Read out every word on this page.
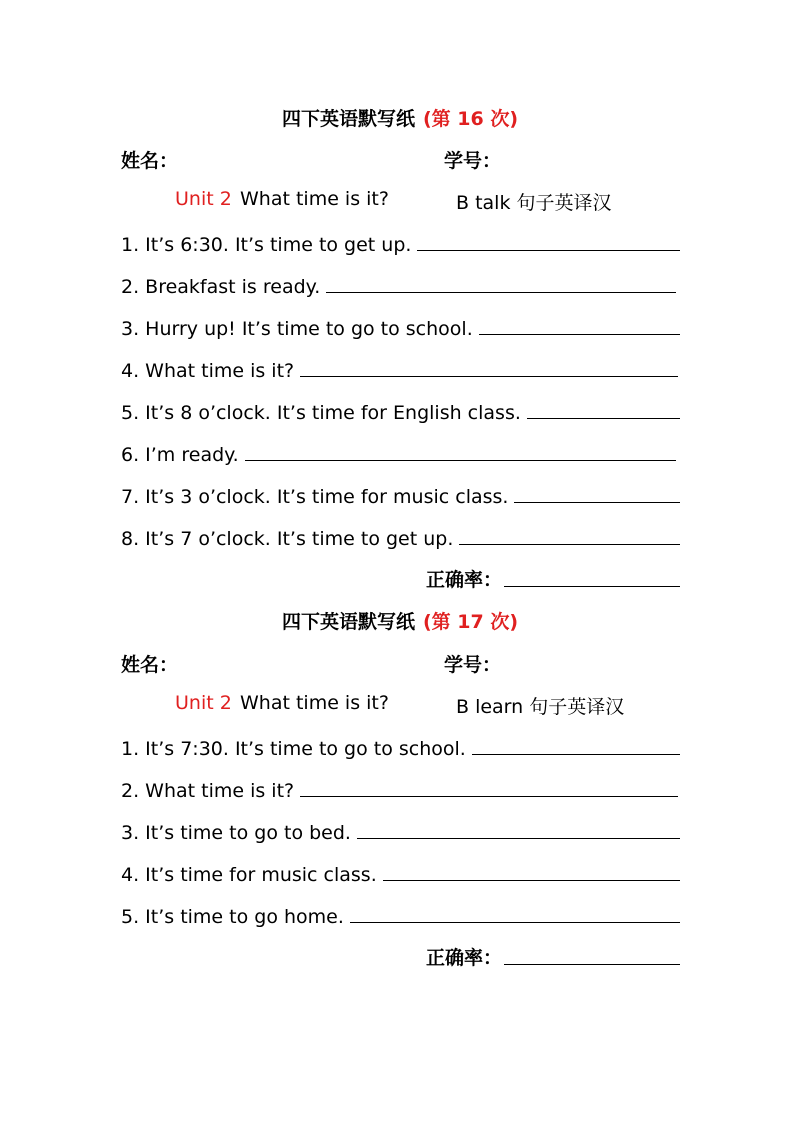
四下英语默写纸 (第 16 次)
姓名：	学号：
Unit 2 What time is it?	B talk 句子英译汉
1. It’s 6:30. It’s time to get up.
2. Breakfast is ready.
3. Hurry up! It’s time to go to school.
4. What time is it?
5. It’s 8 o’clock. It’s time for English class.
6. I’m ready.
7. It’s 3 o’clock. It’s time for music class.
8. It’s 7 o’clock. It’s time to get up.
正确率：
四下英语默写纸 (第 17 次)
姓名：	学号：
Unit 2 What time is it?	B learn 句子英译汉
1. It’s 7:30. It’s time to go to school.
2. What time is it?
3. It’s time to go to bed.
4. It’s time for music class.
5. It’s time to go home.
正确率：
